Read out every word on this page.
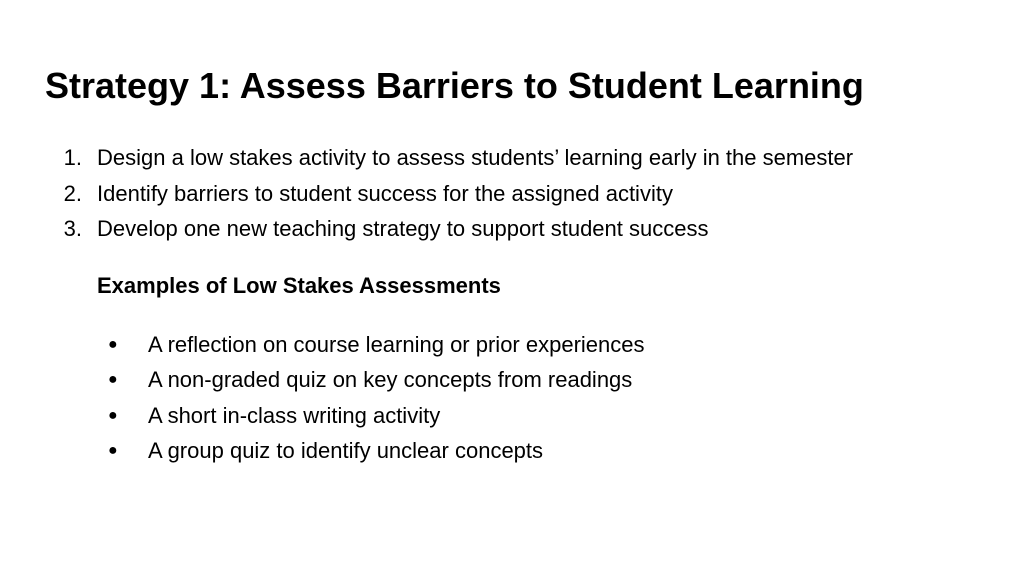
Strategy 1: Assess Barriers to Student Learning
1. Design a low stakes activity to assess students’ learning early in the semester
2. Identify barriers to student success for the assigned activity
3. Develop one new teaching strategy to support student success
Examples of Low Stakes Assessments
● A reflection on course learning or prior experiences
● A non-graded quiz on key concepts from readings
● A short in-class writing activity
● A group quiz to identify unclear concepts
